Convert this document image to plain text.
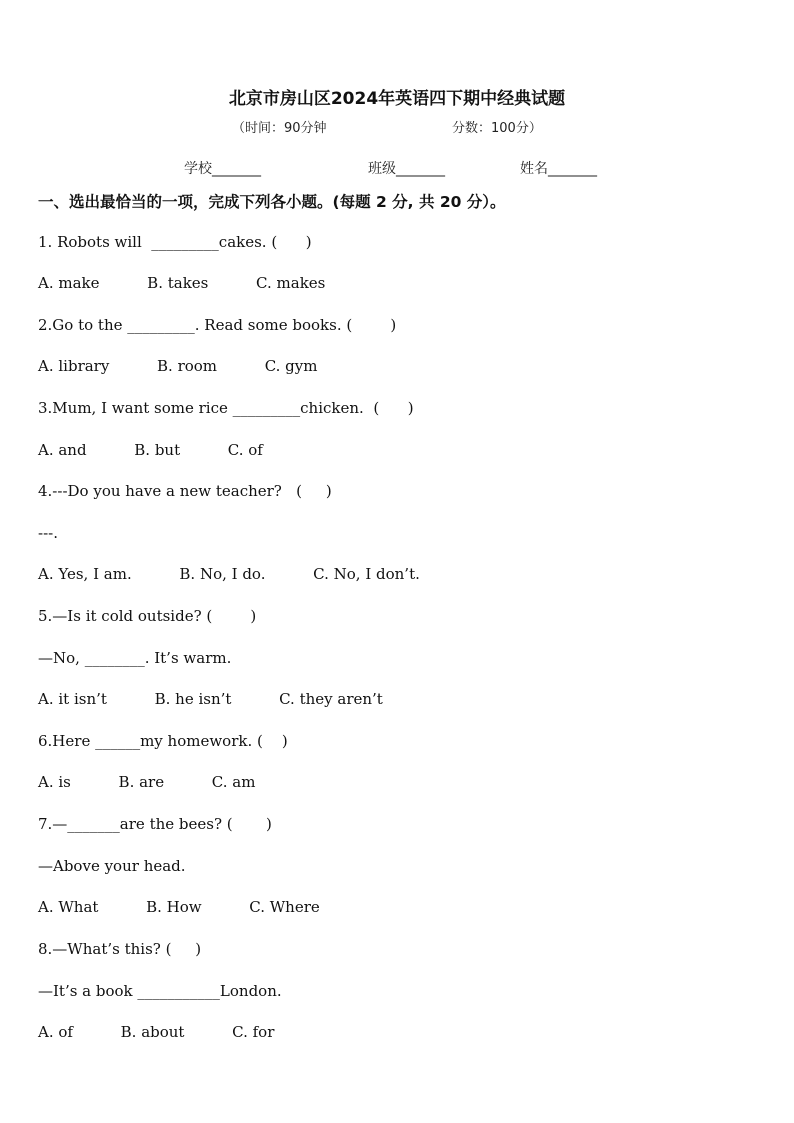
北京市房山区2024年英语四下期中经典试题
（时间：90分钟	分数：100分）
学校_______	班级_______	姓名_______
一、选出最恰当的一项，完成下列各小题。(每题 2 分, 共 20 分）。
1. Robots will  _________cakes. (      )
A. make          B. takes          C. makes
2.Go to the _________. Read some books. (        )
A. library          B. room          C. gym
3.Mum, I want some rice _________chicken.  (      )
A. and          B. but          C. of
4.---Do you have a new teacher?   (     )
---.
A. Yes, I am.          B. No, I do.          C. No, I don’t.
5.—Is it cold outside? (        )
—No, ________. It’s warm.
A. it isn’t          B. he isn’t          C. they aren’t
6.Here ______my homework. (    )
A. is          B. are          C. am
7.—_______are the bees? (       )
—Above your head.
A. What          B. How          C. Where
8.—What’s this? (     )
—It’s a book ___________London.
A. of          B. about          C. for
